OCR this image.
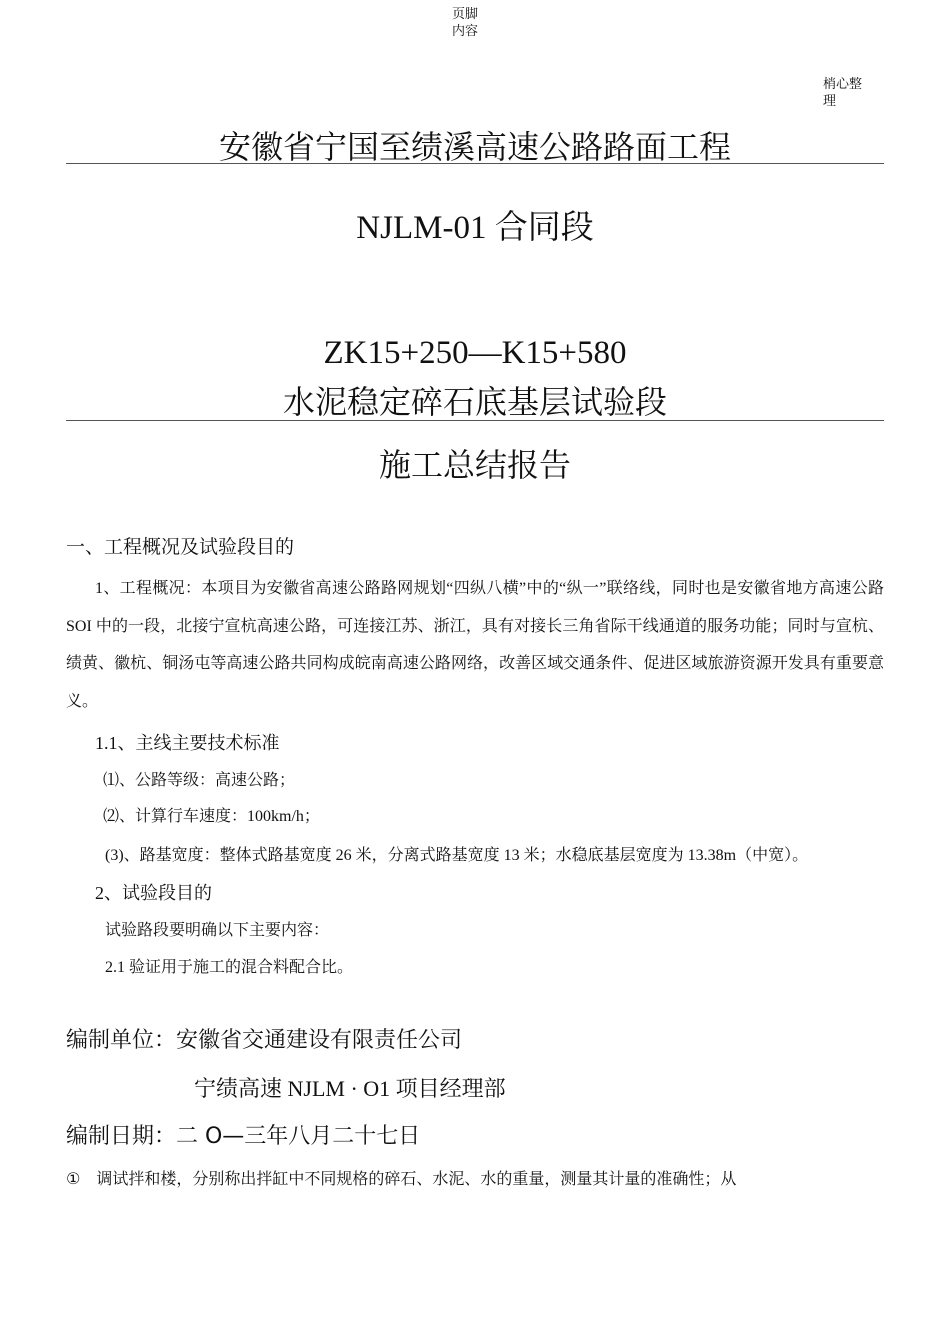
页脚
内容
梢心整
理
安徽省宁国至绩溪高速公路路面工程
NJLM-01 合同段
ZK15+250—K15+580
水泥稳定碎石底基层试验段
施工总结报告
一、工程概况及试验段目的
1、工程概况：本项目为安徽省高速公路路网规划“四纵八横”中的“纵一”联络线，同时也是安徽省地方高速公路 SOI 中的一段，北接宁宣杭高速公路，可连接江苏、浙江，具有对接长三角省际干线通道的服务功能；同时与宣杭、绩黄、徽杭、铜汤屯等高速公路共同构成皖南高速公路网络，改善区域交通条件、促进区域旅游资源开发具有重要意义。
1.1、主线主要技术标准
⑴、公路等级：高速公路；
⑵、计算行车速度：100km/h；
(3)、路基宽度：整体式路基宽度 26 米，分离式路基宽度 13 米；水稳底基层宽度为 13.38m（中宽）。
2、试验段目的
试验路段要明确以下主要内容：
2.1 验证用于施工的混合料配合比。
编制单位：安徽省交通建设有限责任公司
宁绩高速 NJLM · O1 项目经理部
编制日期：二 O—三年八月二十七日
①　调试拌和楼，分别称出拌缸中不同规格的碎石、水泥、水的重量，测量其计量的准确性；从
